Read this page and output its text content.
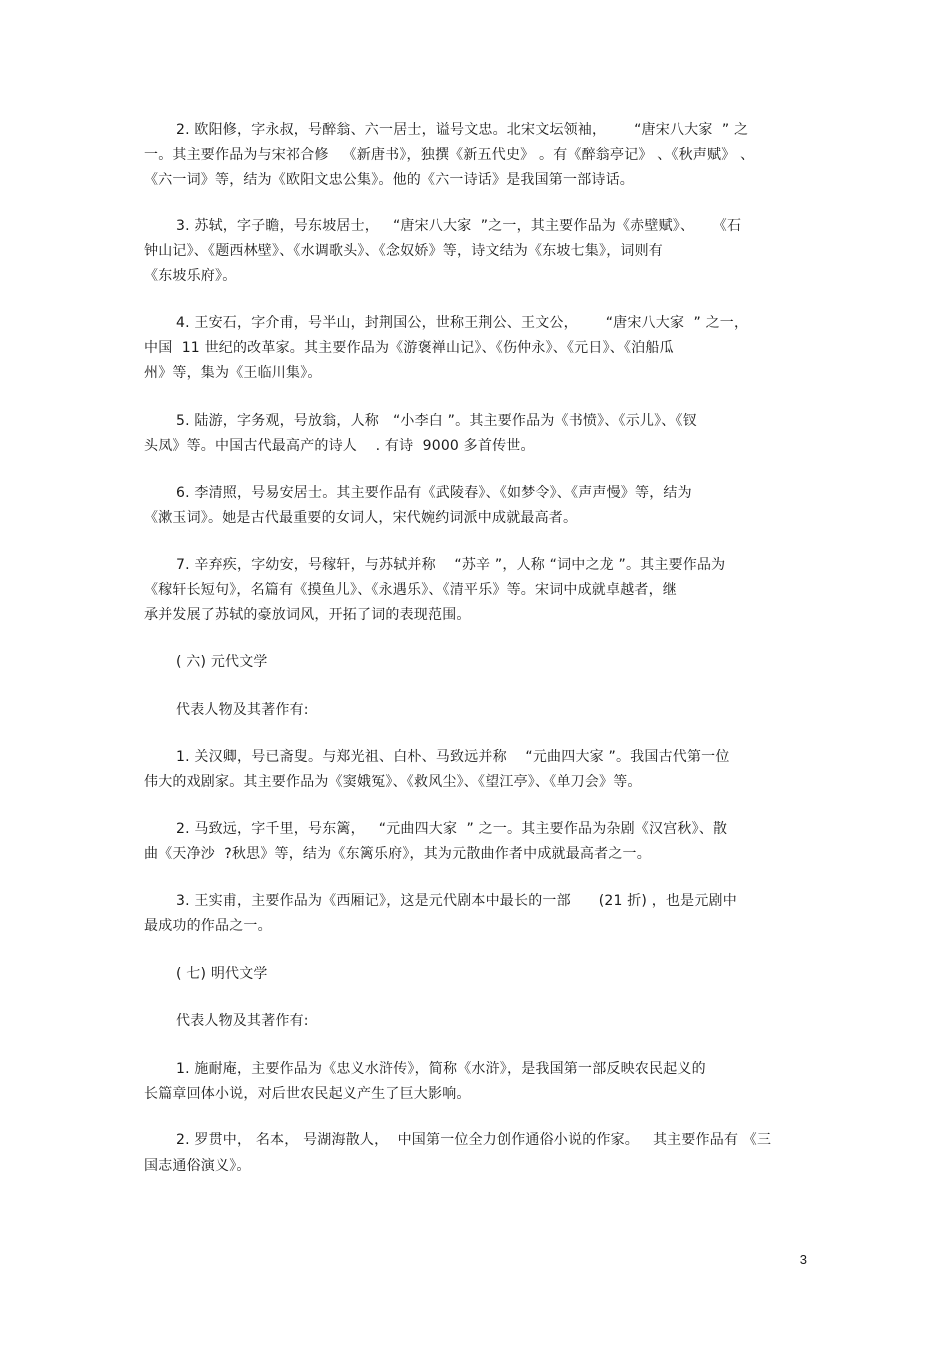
2. 欧阳修，字永叔，号醉翁、六一居士，谥号文忠。北宋文坛领袖，      “唐宋八大家  ” 之
一。其主要作品为与宋祁合修   《新唐书》，独撰《新五代史》 。有《醉翁亭记》 、《秋声赋》 、
《六一词》等，结为《欧阳文忠公集》。他的《六一诗话》是我国第一部诗话。
3. 苏轼，字子瞻，号东坡居士，   “唐宋八大家  ”之一，其主要作品为《赤壁赋》、    《石
钟山记》、《题西林壁》、《水调歌头》、《念奴娇》等，诗文结为《东坡七集》，词则有
《东坡乐府》。
4. 王安石，字介甫，号半山，封荆国公，世称王荆公、王文公，      “唐宋八大家  ” 之一，
中国  11 世纪的改革家。其主要作品为《游褒禅山记》、《伤仲永》、《元日》、《泊船瓜
州》等，集为《王临川集》。
5. 陆游，字务观，号放翁，人称   “小李白 ”。其主要作品为《书愤》、《示儿》、《钗
头凤》等。中国古代最高产的诗人    . 有诗  9000 多首传世。
6. 李清照，号易安居士。其主要作品有《武陵春》、《如梦令》、《声声慢》等，结为
《漱玉词》。她是古代最重要的女词人，宋代婉约词派中成就最高者。
7. 辛弃疾，字幼安，号稼轩，与苏轼并称    “苏辛 ”，人称 “词中之龙 ”。其主要作品为
《稼轩长短句》，名篇有《摸鱼儿》、《永遇乐》、《清平乐》等。宋词中成就卓越者，继
承并发展了苏轼的豪放词风，开拓了词的表现范围。
( 六) 元代文学
代表人物及其著作有:
1. 关汉卿，号已斋叟。与郑光祖、白朴、马致远并称    “元曲四大家 ”。我国古代第一位
伟大的戏剧家。其主要作品为《窦娥冤》、《救风尘》、《望江亭》、《单刀会》等。
2. 马致远，字千里，号东篱，   “元曲四大家  ” 之一。其主要作品为杂剧《汉宫秋》、散
曲《天净沙  ?秋思》等，结为《东篱乐府》，其为元散曲作者中成就最高者之一。
3. 王实甫，主要作品为《西厢记》，这是元代剧本中最长的一部      (21 折) ，也是元剧中
最成功的作品之一。
( 七) 明代文学
代表人物及其著作有:
1. 施耐庵，主要作品为《忠义水浒传》，简称《水浒》，是我国第一部反映农民起义的
长篇章回体小说，对后世农民起义产生了巨大影响。
2. 罗贯中， 名本， 号湖海散人，  中国第一位全力创作通俗小说的作家。   其主要作品有 《三
国志通俗演义》。
3
